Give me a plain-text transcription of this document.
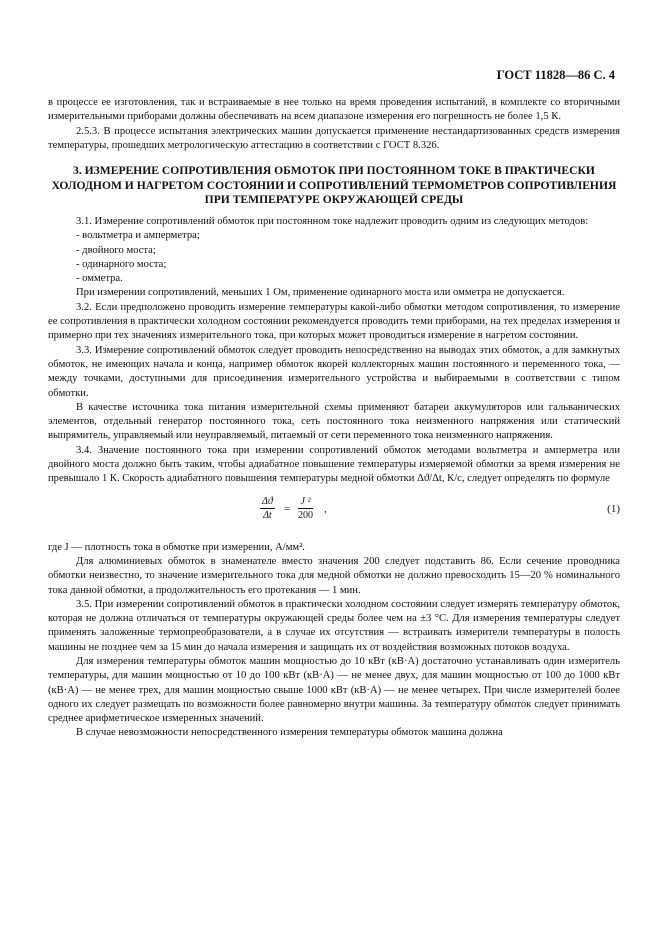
ГОСТ 11828—86 С. 4

в процессе ее изготовления, так и встраиваемые в нее только на время проведения испытаний, в комплекте со вторичными измерительными приборами должны обеспечивать на всем диапазоне измерения его погрешность не более 1,5 К.

2.5.3. В процессе испытания электрических машин допускается применение нестандартизованных средств измерения температуры, прошедших метрологическую аттестацию в соответствии с ГОСТ 8.326.

3. ИЗМЕРЕНИЕ СОПРОТИВЛЕНИЯ ОБМОТОК ПРИ ПОСТОЯННОМ ТОКЕ В ПРАКТИЧЕСКИ ХОЛОДНОМ И НАГРЕТОМ СОСТОЯНИИ И СОПРОТИВЛЕНИЙ ТЕРМОМЕТРОВ СОПРОТИВЛЕНИЯ ПРИ ТЕМПЕРАТУРЕ ОКРУЖАЮЩЕЙ СРЕДЫ

3.1. Измерение сопротивлений обмоток при постоянном токе надлежит проводить одним из следующих методов:

- вольтметра и амперметра;

- двойного моста;

- одинарного моста;

- омметра.

При измерении сопротивлений, меньших 1 Ом, применение одинарного моста или омметра не допускается.

3.2. Если предположено проводить измерение температуры какой-либо обмотки методом сопротивления, то измерение ее сопротивления в практически холодном состоянии рекомендуется проводить теми приборами, на тех пределах измерения и примерно при тех значениях измерительного тока, при которых может проводиться измерение в нагретом состоянии.

3.3. Измерение сопротивлений обмоток следует проводить непосредственно на выводах этих обмоток, а для замкнутых обмоток, не имеющих начала и конца, например обмоток якорей коллекторных машин постоянного и переменного тока, — между точками, доступными для присоединения измерительного устройства и выбираемыми в соответствии с типом обмотки.

В качестве источника тока питания измерительной схемы применяют батареи аккумуляторов или гальванических элементов, отдельный генератор постоянного тока, сеть постоянного тока неизменного напряжения или статический выпрямитель, управляемый или неуправляемый, питаемый от сети переменного тока неизменного напряжения.

3.4. Значение постоянного тока при измерении сопротивлений обмоток методами вольтметра и амперметра или двойного моста должно быть таким, чтобы адиабатное повышение температуры измеряемой обмотки за время измерения не превышало 1 К. Скорость адиабатного повышения температуры медной обмотки Δϑ/Δt, К/с, следует определять по формуле

$\frac{\Delta ϑ}{\Delta t} = \frac{\text{J ²}}{200}$ ,	(1)

где J — плотность тока в обмотке при измерении, А/мм².

Для алюминиевых обмоток в знаменателе вместо значения 200 следует подставить 86. Если сечение проводника обмотки неизвестно, то значение измерительного тока для медной обмотки не должно превосходить 15—20 % номинального тока данной обмотки, а продолжительность его протекания — 1 мин.

3.5. При измерении сопротивлений обмоток в практически холодном состоянии следует измерять температуру обмоток, которая не должна отличаться от температуры окружающей среды более чем на ±3 °С. Для измерения температуры следует применять заложенные термопреобразователи, а в случае их отсутствия — встраивать измерители температуры в полость машины не позднее чем за 15 мин до начала измерения и защищать их от воздействия возможных потоков воздуха.

Для измерения температуры обмоток машин мощностью до 10 кВт (кВ·А) достаточно устанавливать один измеритель температуры, для машин мощностью от 10 до 100 кВт (кВ·А) — не менее двух, для машин мощностью от 100 до 1000 кВт (кВ·А) — не менее трех, для машин мощностью свыше 1000 кВт (кВ·А) — не менее четырех. При числе измерителей более одного их следует размещать по возможности более равномерно внутри машины. За температуру обмоток следует принимать среднее арифметическое измеренных значений.

В случае невозможности непосредственного измерения температуры обмоток машина должна
